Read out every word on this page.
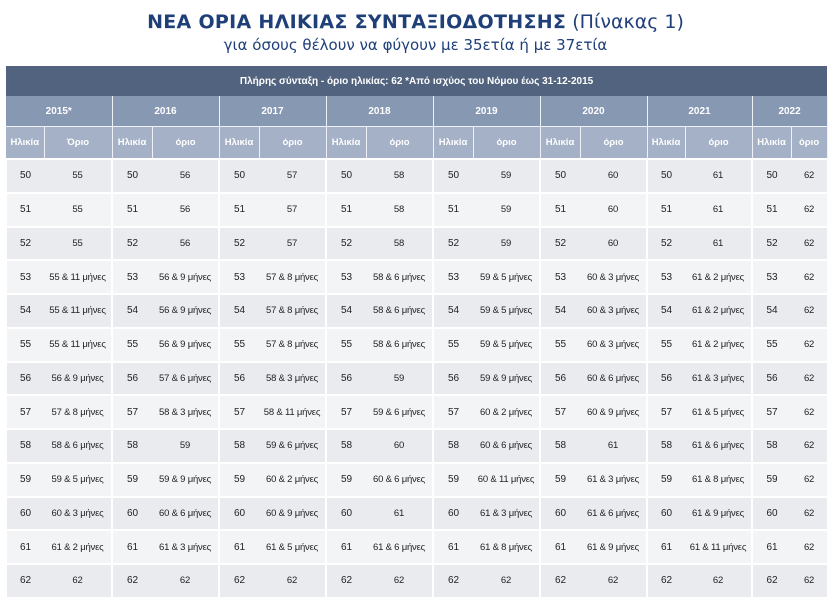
ΝΕΑ ΟΡΙΑ ΗΛΙΚΙΑΣ ΣΥΝΤΑΞΙΟΔΟΤΗΣΗΣ (Πίνακας 1)
για όσους θέλουν να φύγουν με 35ετία ή με 37ετία
Πλήρης σύνταξη - όριο ηλικίας: 62 *Από ισχύος του Νόμου έως 31-12-2015															
2015*		2016		2017		2018		2019		2020		2021		2022	
Ηλικία	Όριο	Ηλικία	όριο	Ηλικία	όριο	Ηλικία	όριο	Ηλικία	όριο	Ηλικία	όριο	Ηλικία	όριο	Ηλικία	όριο
50	55	50	56	50	57	50	58	50	59	50	60	50	61	50	62
51	55	51	56	51	57	51	58	51	59	51	60	51	61	51	62
52	55	52	56	52	57	52	58	52	59	52	60	52	61	52	62
53	55 & 11 μήνες	53	56 & 9 μήνες	53	57 & 8 μήνες	53	58 & 6 μήνες	53	59 & 5 μήνες	53	60 & 3 μήνες	53	61 & 2 μήνες	53	62
54	55 & 11 μήνες	54	56 & 9 μήνες	54	57 & 8 μήνες	54	58 & 6 μήνες	54	59 & 5 μήνες	54	60 & 3 μήνες	54	61 & 2 μήνες	54	62
55	55 & 11 μήνες	55	56 & 9 μήνες	55	57 & 8 μήνες	55	58 & 6 μήνες	55	59 & 5 μήνες	55	60 & 3 μήνες	55	61 & 2 μήνες	55	62
56	56 & 9 μήνες	56	57 & 6 μήνες	56	58 & 3 μήνες	56	59	56	59 & 9 μήνες	56	60 & 6 μήνες	56	61 & 3 μήνες	56	62
57	57 & 8 μήνες	57	58 & 3 μήνες	57	58 & 11 μήνες	57	59 & 6 μήνες	57	60 & 2 μήνες	57	60 & 9 μήνες	57	61 & 5 μήνες	57	62
58	58 & 6 μήνες	58	59	58	59 & 6 μήνες	58	60	58	60 & 6 μήνες	58	61	58	61 & 6 μήνες	58	62
59	59 & 5 μήνες	59	59 & 9 μήνες	59	60 & 2 μήνες	59	60 & 6 μήνες	59	60 & 11 μήνες	59	61 & 3 μήνες	59	61 & 8 μήνες	59	62
60	60 & 3 μήνες	60	60 & 6 μήνες	60	60 & 9 μήνες	60	61	60	61 & 3 μήνες	60	61 & 6 μήνες	60	61 & 9 μήνες	60	62
61	61 & 2 μήνες	61	61 & 3 μήνες	61	61 & 5 μήνες	61	61 & 6 μήνες	61	61 & 8 μήνες	61	61 & 9 μήνες	61	61 & 11 μήνες	61	62
62	62	62	62	62	62	62	62	62	62	62	62	62	62	62	62
